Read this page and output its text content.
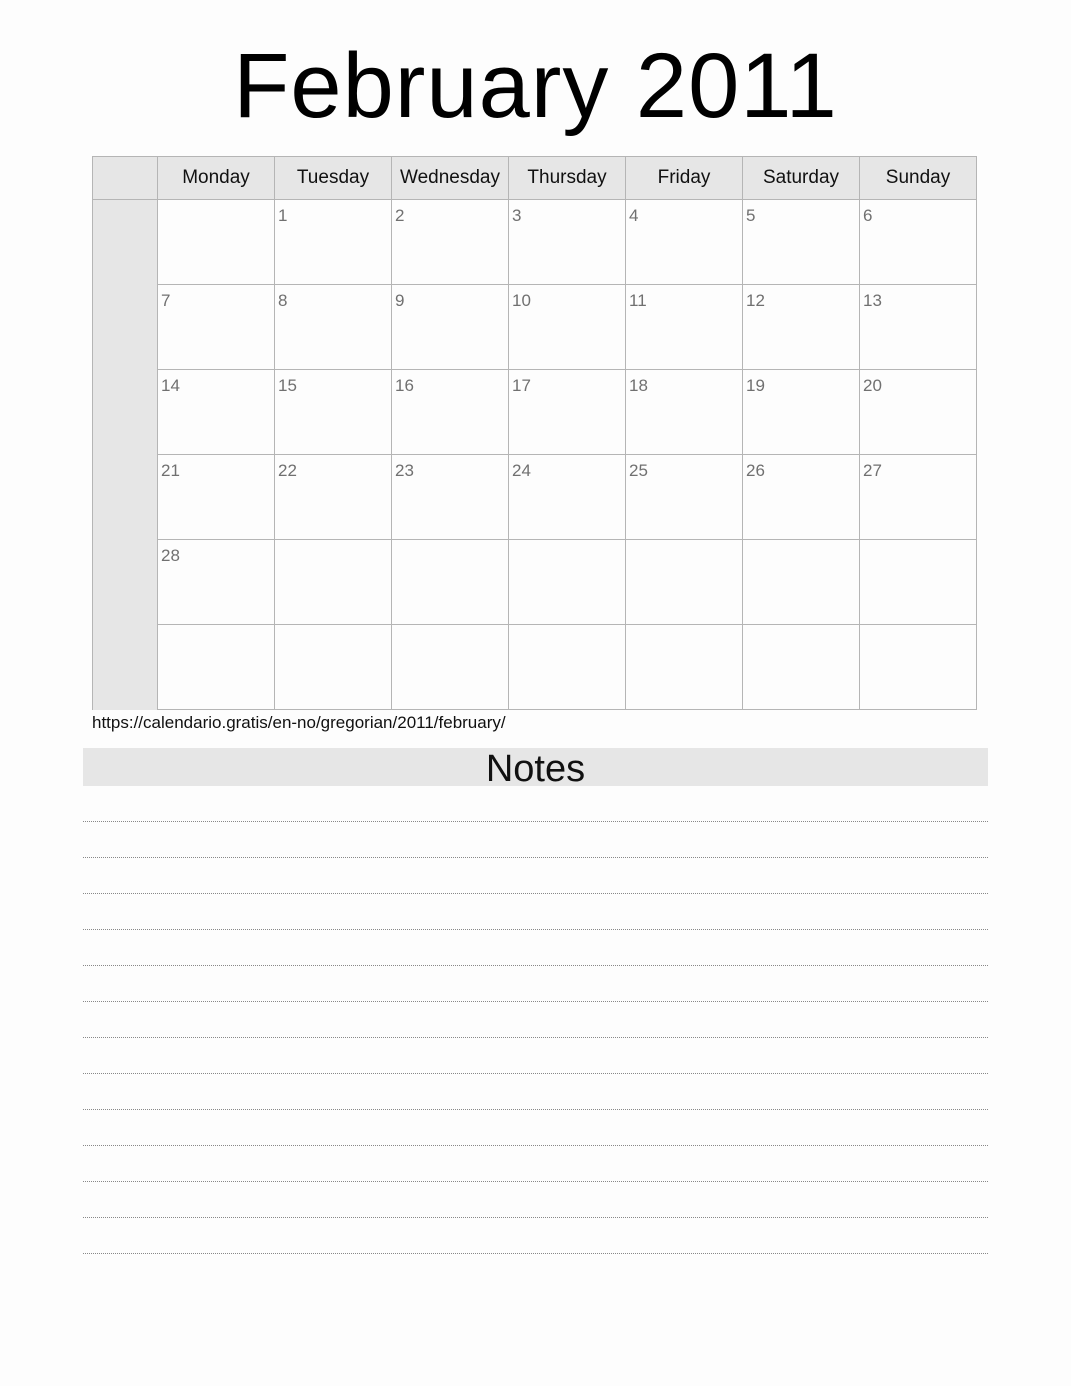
February 2011
	Monday	Tuesday	Wednesday	Thursday	Friday	Saturday	Sunday

		1	2	3	4	5	6

	7	8	9	10	11	12	13

	14	15	16	17	18	19	20

	21	22	23	24	25	26	27

	28						

https://calendario.gratis/en-no/gregorian/2011/february/
Notes
